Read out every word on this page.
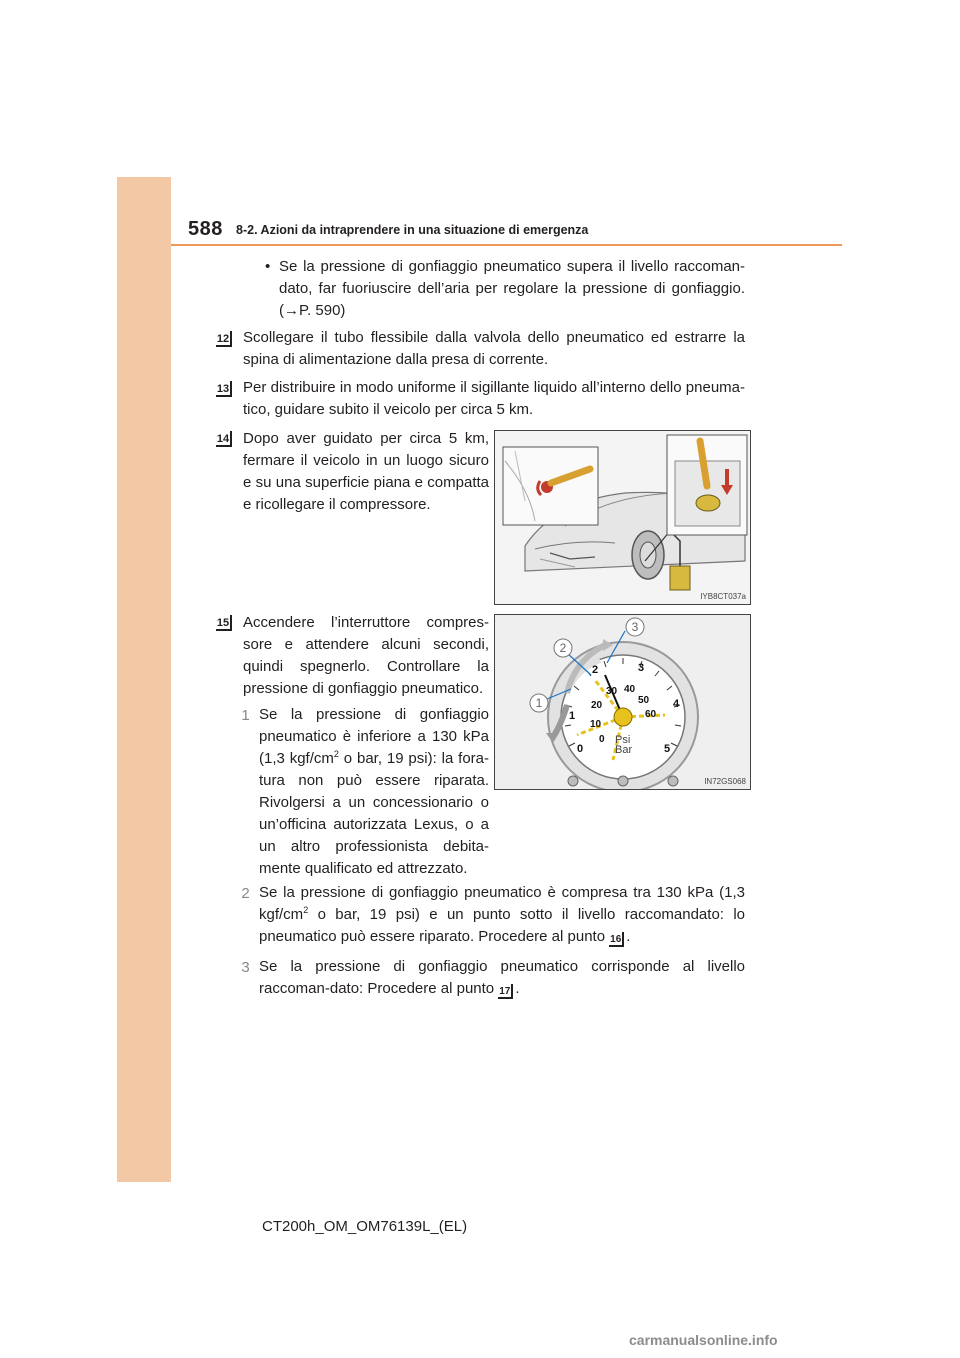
588 8-2. Azioni da intraprendere in una situazione di emergenza
• Se la pressione di gonfiaggio pneumatico supera il livello raccoman-dato, far fuoriuscire dell’aria per regolare la pressione di gonfiaggio. (→P. 590)
12 Scollegare il tubo flessibile dalla valvola dello pneumatico ed estrarre la spina di alimentazione dalla presa di corrente.
13 Per distribuire in modo uniforme il sigillante liquido all’interno dello pneuma-tico, guidare subito il veicolo per circa 5 km.
14 Dopo aver guidato per circa 5 km, fermare il veicolo in un luogo sicuro e su una superficie piana e compatta e ricollegare il compressore.
IYB8CT037a
15 Accendere l’interruttore compres-sore e attendere alcuni secondi, quindi spegnerlo. Controllare la pressione di gonfiaggio pneumatico.
0
1
2	3
4
5
0
10
20
30 40
50
60
Psi
Bar
1
2
3
IN72GS068
1 Se la pressione di gonfiaggio pneumatico è inferiore a 130 kPa (1,3 kgf/$cm^2$ o bar, 19 psi): la fora-tura non può essere riparata. Rivolgersi a un concessionario o un’officina autorizzata Lexus, o a un altro professionista debita-mente qualificato ed attrezzato.
2 Se la pressione di gonfiaggio pneumatico è compresa tra 130 kPa (1,3 kgf/$cm^2$ o bar, 19 psi) e un punto sotto il livello raccomandato: lo pneumatico può essere riparato. Procedere al punto 16 .
3 Se la pressione di gonfiaggio pneumatico corrisponde al livello raccoman-dato: Procedere al punto 17 .
CT200h_OM_OM76139L_(EL)
carmanualsonline.info
